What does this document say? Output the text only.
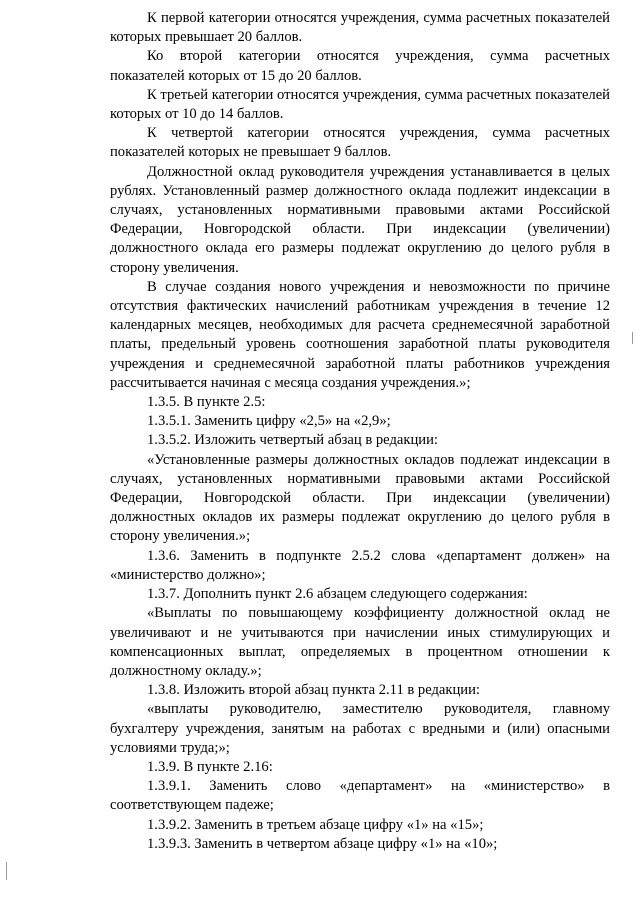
К первой категории относятся учреждения, сумма расчетных показателей которых превышает 20 баллов.

Ко второй категории относятся учреждения, сумма расчетных показателей которых от 15 до 20 баллов.

К третьей категории относятся учреждения, сумма расчетных показателей которых от 10 до 14 баллов.

К четвертой категории относятся учреждения, сумма расчетных показателей которых не превышает 9 баллов.

Должностной оклад руководителя учреждения устанавливается в целых рублях. Установленный размер должностного оклада подлежит индексации в случаях, установленных нормативными правовыми актами Российской Федерации, Новгородской области. При индексации (увеличении) должностного оклада его размеры подлежат округлению до целого рубля в сторону увеличения.

В случае создания нового учреждения и невозможности по причине отсутствия фактических начислений работникам учреждения в течение 12 календарных месяцев, необходимых для расчета среднемесячной заработной платы, предельный уровень соотношения заработной платы руководителя учреждения и среднемесячной заработной платы работников учреждения рассчитывается начиная с месяца создания учреждения.»;

1.3.5. В пункте 2.5:

1.3.5.1. Заменить цифру «2,5» на «2,9»;

1.3.5.2. Изложить четвертый абзац в редакции:

«Установленные размеры должностных окладов подлежат индексации в случаях, установленных нормативными правовыми актами Российской Федерации, Новгородской области. При индексации (увеличении) должностных окладов их размеры подлежат округлению до целого рубля в сторону увеличения.»;

1.3.6. Заменить в подпункте 2.5.2 слова «департамент должен» на «министерство должно»;

1.3.7. Дополнить пункт 2.6 абзацем следующего содержания:

«Выплаты по повышающему коэффициенту должностной оклад не увеличивают и не учитываются при начислении иных стимулирующих и компенсационных выплат, определяемых в процентном отношении к должностному окладу.»;

1.3.8. Изложить второй абзац пункта 2.11 в редакции:

«выплаты руководителю, заместителю руководителя, главному бухгалтеру учреждения, занятым на работах с вредными и (или) опасными условиями труда;»;

1.3.9. В пункте 2.16:

1.3.9.1. Заменить слово «департамент» на «министерство» в соответствующем падеже;

1.3.9.2. Заменить в третьем абзаце цифру «1» на «15»;

1.3.9.3. Заменить в четвертом абзаце цифру «1» на «10»;
